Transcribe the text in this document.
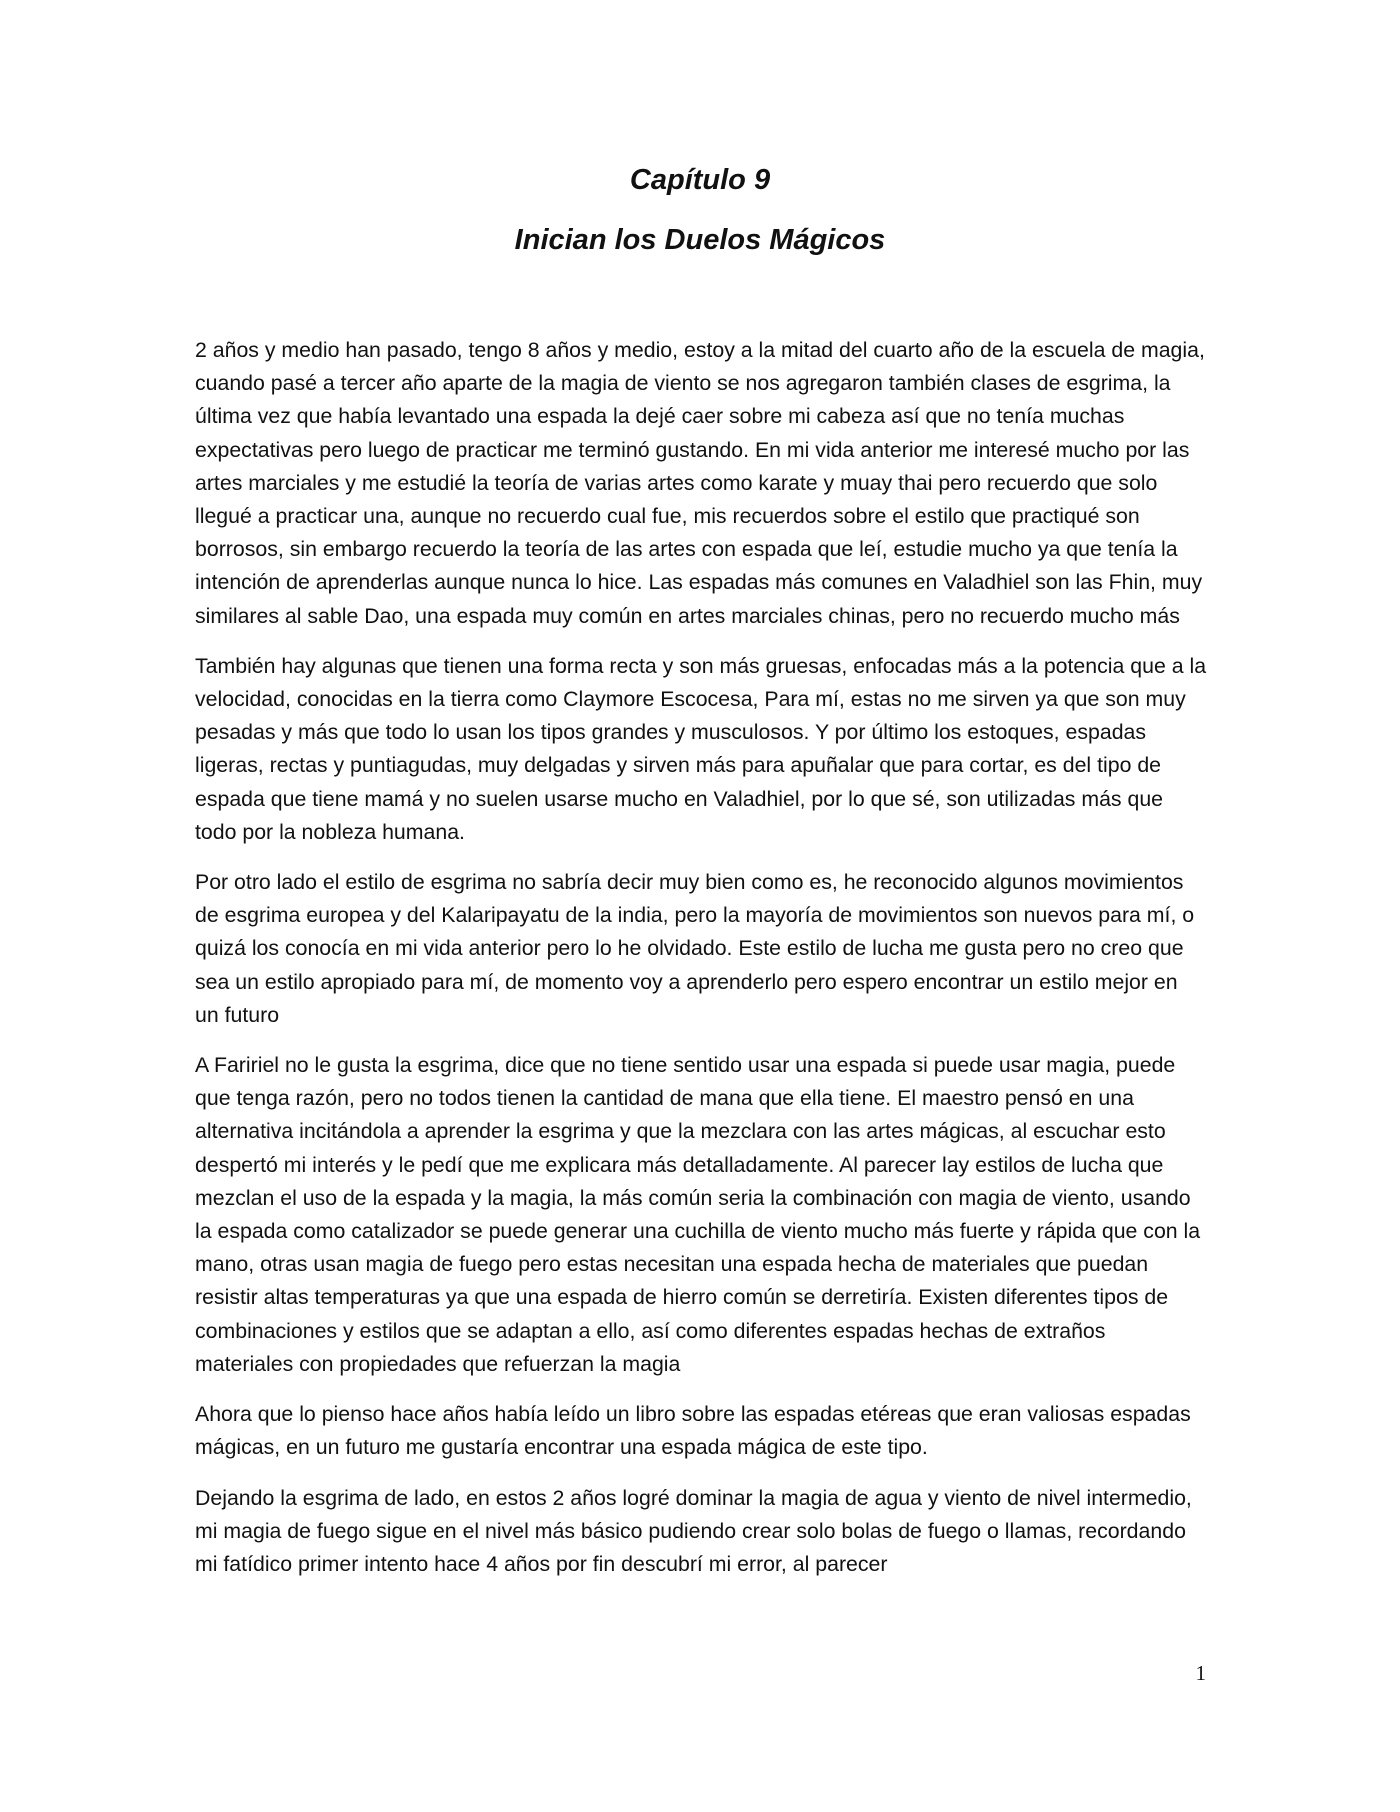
Capítulo 9
Inician los Duelos Mágicos

2 años y medio han pasado, tengo 8 años y medio, estoy a la mitad del cuarto año de la escuela de magia, cuando pasé a tercer año aparte de la magia de viento se nos agregaron también clases de esgrima, la última vez que había levantado una espada la dejé caer sobre mi cabeza así que no tenía muchas expectativas pero luego de practicar me terminó gustando. En mi vida anterior me interesé mucho por las artes marciales y me estudié la teoría de varias artes como karate y muay thai pero recuerdo que solo llegué a practicar una, aunque no recuerdo cual fue, mis recuerdos sobre el estilo que practiqué son borrosos, sin embargo recuerdo la teoría de las artes con espada que leí, estudie mucho ya que tenía la intención de aprenderlas aunque nunca lo hice. Las espadas más comunes en Valadhiel son las Fhin, muy similares al sable Dao, una espada muy común en artes marciales chinas, pero no recuerdo mucho más

También hay algunas que tienen una forma recta y son más gruesas, enfocadas más a la potencia que a la velocidad, conocidas en la tierra como Claymore Escocesa, Para mí, estas no me sirven ya que son muy pesadas y más que todo lo usan los tipos grandes y musculosos. Y por último los estoques, espadas ligeras, rectas y puntiagudas, muy delgadas y sirven más para apuñalar que para cortar, es del tipo de espada que tiene mamá y no suelen usarse mucho en Valadhiel, por lo que sé, son utilizadas más que todo por la nobleza humana.

Por otro lado el estilo de esgrima no sabría decir muy bien como es, he reconocido algunos movimientos de esgrima europea y del Kalaripayatu de la india, pero la mayoría de movimientos son nuevos para mí, o quizá los conocía en mi vida anterior pero lo he olvidado. Este estilo de lucha me gusta pero no creo que sea un estilo apropiado para mí, de momento voy a aprenderlo pero espero encontrar un estilo mejor en un futuro

A Faririel no le gusta la esgrima, dice que no tiene sentido usar una espada si puede usar magia, puede que tenga razón, pero no todos tienen la cantidad de mana que ella tiene. El maestro pensó en una alternativa incitándola a aprender la esgrima y que la mezclara con las artes mágicas, al escuchar esto despertó mi interés y le pedí que me explicara más detalladamente. Al parecer lay estilos de lucha que mezclan el uso de la espada y la magia, la más común seria la combinación con magia de viento, usando la espada como catalizador se puede generar una cuchilla de viento mucho más fuerte y rápida que con la mano, otras usan magia de fuego pero estas necesitan una espada hecha de materiales que puedan resistir altas temperaturas ya que una espada de hierro común se derretiría. Existen diferentes tipos de combinaciones y estilos que se adaptan a ello, así como diferentes espadas hechas de extraños materiales con propiedades que refuerzan la magia

Ahora que lo pienso hace años había leído un libro sobre las espadas etéreas que eran valiosas espadas mágicas, en un futuro me gustaría encontrar una espada mágica de este tipo.

Dejando la esgrima de lado, en estos 2 años logré dominar la magia de agua y viento de nivel intermedio, mi magia de fuego sigue en el nivel más básico pudiendo crear solo bolas de fuego o llamas, recordando mi fatídico primer intento hace 4 años por fin descubrí mi error, al parecer

1
